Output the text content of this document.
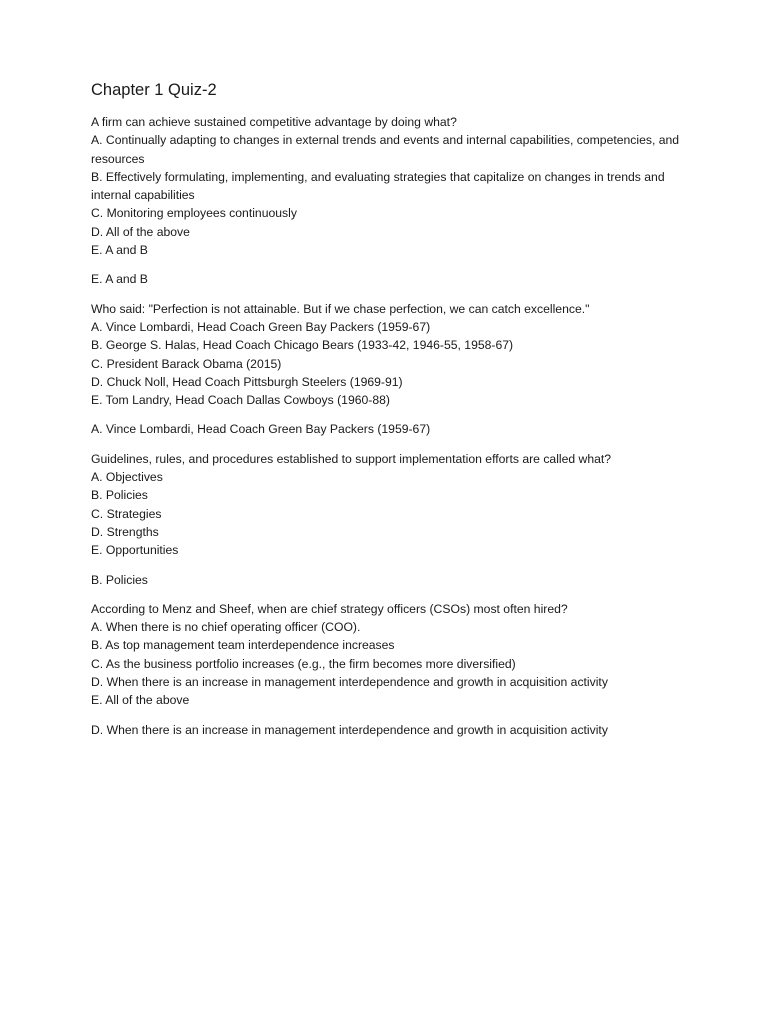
Chapter 1 Quiz-2
A firm can achieve sustained competitive advantage by doing what?
A. Continually adapting to changes in external trends and events and internal capabilities, competencies, and resources
B. Effectively formulating, implementing, and evaluating strategies that capitalize on changes in trends and internal capabilities
C. Monitoring employees continuously
D. All of the above
E. A and B
E. A and B
Who said: "Perfection is not attainable. But if we chase perfection, we can catch excellence."
A. Vince Lombardi, Head Coach Green Bay Packers (1959-67)
B. George S. Halas, Head Coach Chicago Bears (1933-42, 1946-55, 1958-67)
C. President Barack Obama (2015)
D. Chuck Noll, Head Coach Pittsburgh Steelers (1969-91)
E. Tom Landry, Head Coach Dallas Cowboys (1960-88)
A. Vince Lombardi, Head Coach Green Bay Packers (1959-67)
Guidelines, rules, and procedures established to support implementation efforts are called what?
A. Objectives
B. Policies
C. Strategies
D. Strengths
E. Opportunities
B. Policies
According to Menz and Sheef, when are chief strategy officers (CSOs) most often hired?
A. When there is no chief operating officer (COO).
B. As top management team interdependence increases
C. As the business portfolio increases (e.g., the firm becomes more diversified)
D. When there is an increase in management interdependence and growth in acquisition activity
E. All of the above
D. When there is an increase in management interdependence and growth in acquisition activity
